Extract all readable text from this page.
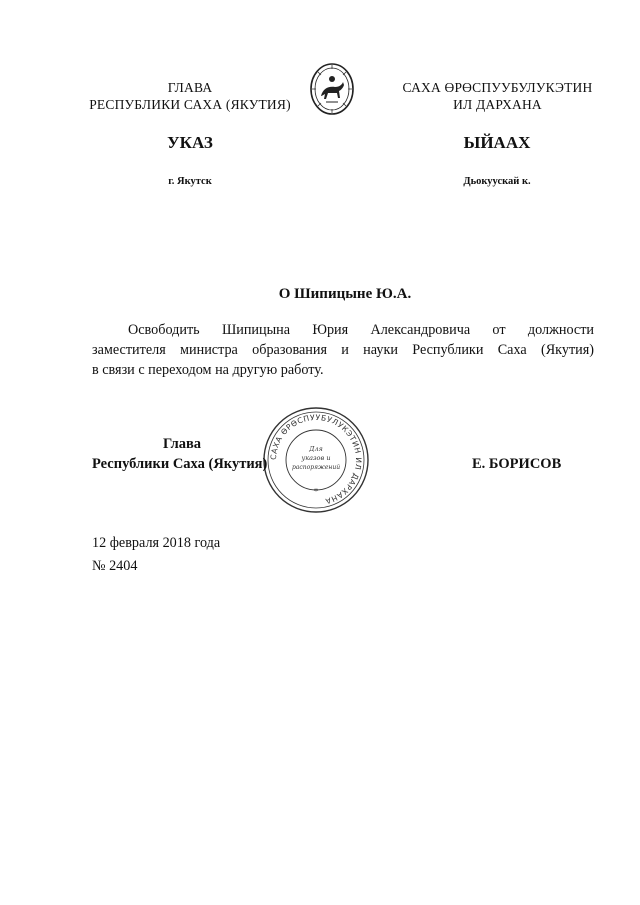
ГЛАВА
РЕСПУБЛИКИ САХА (ЯКУТИЯ)
САХА ӨРӨСПУУБУЛУКЭТИН
ИЛ ДАРХАНА
УКАЗ	ЫЙААХ
г. Якутск	Дьокуускай к.
О Шипицыне Ю.А.
Освободить Шипицына Юрия Александровича от должности
заместителя министра образования и науки Республики Саха (Якутия)
в связи с переходом на другую работу.
САХА ӨРӨСПУУБУЛУКЭТИН ИЛ ДАРХАНА
*
Для
указов и
распоряжений
Глава
Республики Саха (Якутия)	Е. БОРИСОВ
12 февраля 2018 года
№ 2404
